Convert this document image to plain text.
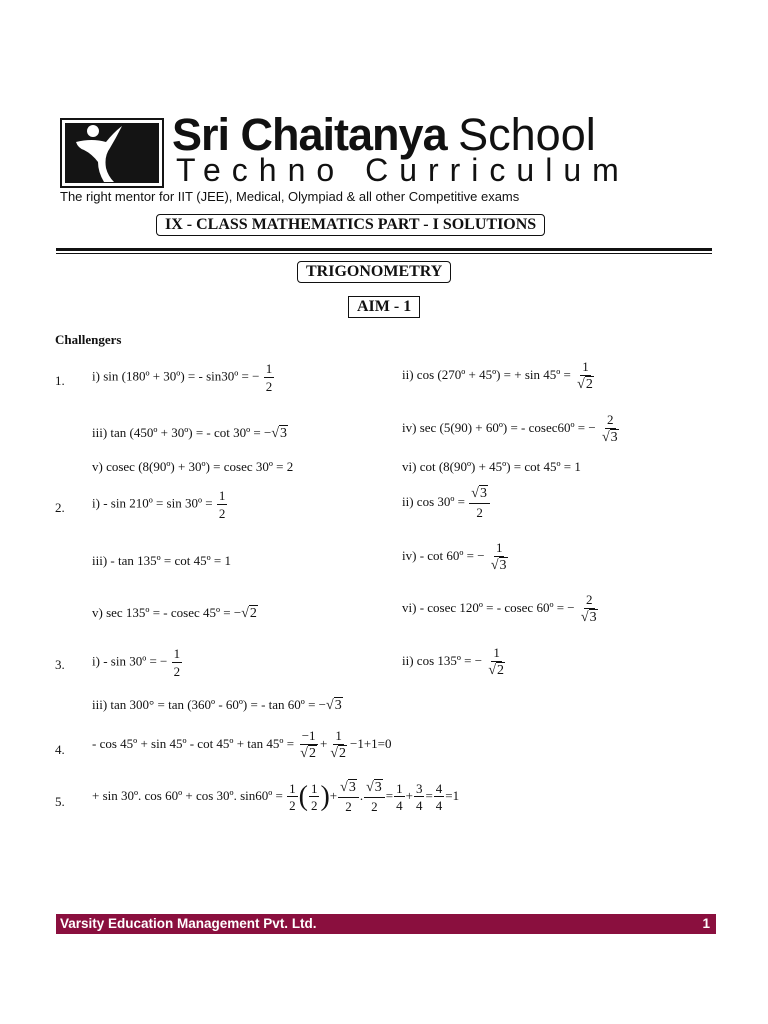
Sri Chaitanya School
Techno Curriculum
The right mentor for IIT (JEE), Medical, Olympiad & all other Competitive exams
IX - CLASS MATHEMATICS PART - I SOLUTIONS
TRIGONOMETRY
AIM - 1
Challengers
1. i) sin (180º + 30º) = - sin30º = − $\frac{1}{2}$	ii) cos (270º + 45º) = + sin 45º = $\frac{1}{√2}$
iii) tan (450º + 30º) = - cot 30º = −√3	iv) sec (5(90) + 60º) = - cosec60º = − $\frac{2}{√3}$
v) cosec (8(90º) + 30º) = cosec 30º = 2	vi) cot (8(90º) + 45º) = cot 45º = 1
2. i) - sin 210º = sin 30º = $\frac{1}{2}$	ii) cos 30º = $\frac{√3}{2}$
iii) - tan 135º = cot 45º = 1	iv) - cot 60º = − $\frac{1}{√3}$
v) sec 135º = - cosec 45º = −√2	vi) - cosec 120º = - cosec 60º = − $\frac{2}{√3}$
3. i) - sin 30º = − $\frac{1}{2}$	ii) cos 135º = − $\frac{1}{√2}$
iii) tan 300° = tan (360º - 60º) = - tan 60º = −√3
4. - cos 45º + sin 45º - cot 45º + tan 45º = $\frac{-1}{√2} + \frac{1}{√2} -1+1=0$
5. + sin 30º. cos 60º + cos 30º. sin60º = $\frac{1}{2}$ ( $\frac{1}{2}$ )+ $\frac{√3}{2}$ . $\frac{√3}{2} = \frac{1}{4} + \frac{3}{4} = \frac{4}{4} =1$
Varsity Education Management Pvt. Ltd.	1
